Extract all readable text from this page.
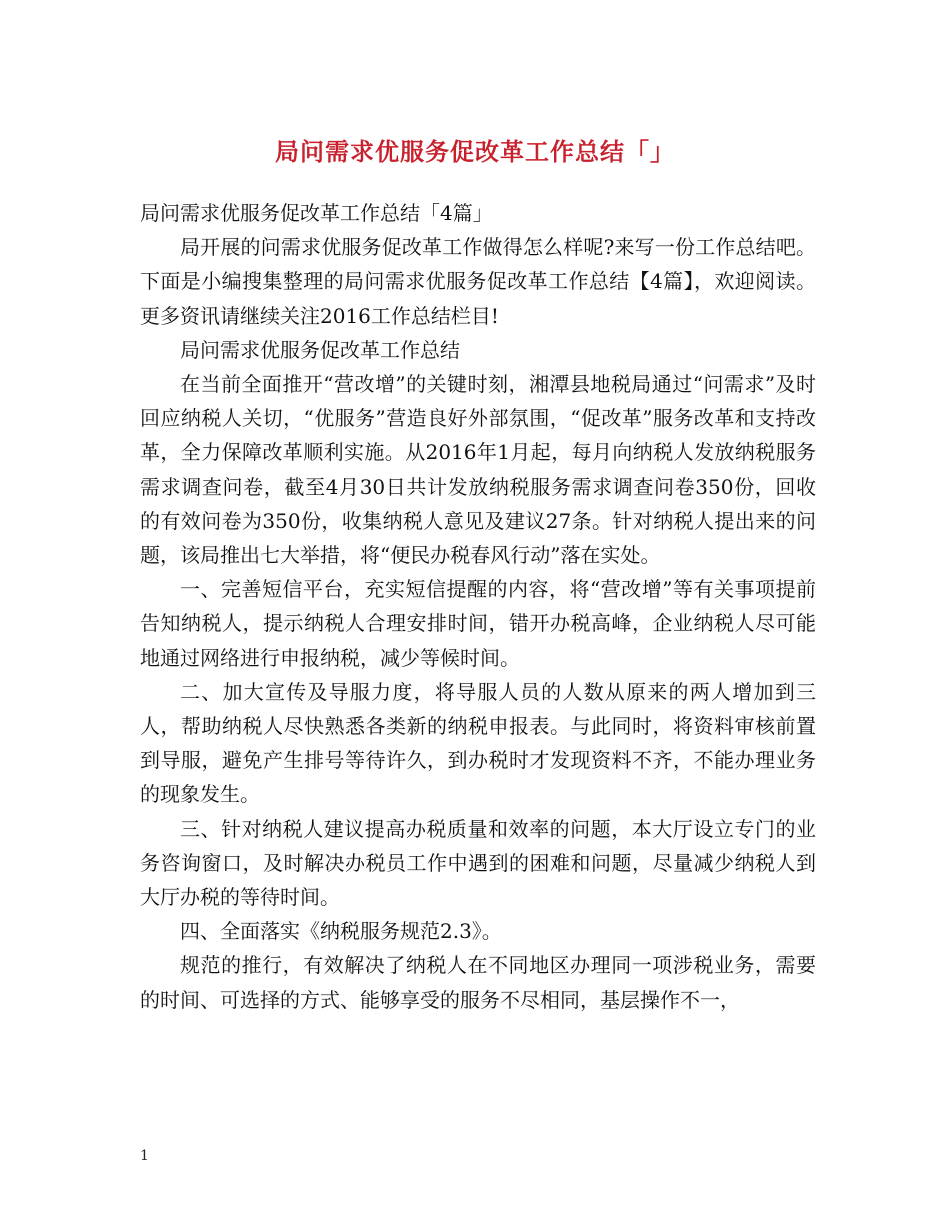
局问需求优服务促改革工作总结「」

局问需求优服务促改革工作总结「4篇」

局开展的问需求优服务促改革工作做得怎么样呢?来写一份工作总结吧。下面是小编搜集整理的局问需求优服务促改革工作总结【4篇】，欢迎阅读。更多资讯请继续关注2016工作总结栏目!

局问需求优服务促改革工作总结

在当前全面推开“营改增”的关键时刻，湘潭县地税局通过“问需求”及时回应纳税人关切，“优服务”营造良好外部氛围，“促改革”服务改革和支持改革，全力保障改革顺利实施。从2016年1月起，每月向纳税人发放纳税服务需求调查问卷，截至4月30日共计发放纳税服务需求调查问卷350份，回收的有效问卷为350份，收集纳税人意见及建议27条。针对纳税人提出来的问题，该局推出七大举措，将“便民办税春风行动”落在实处。

一、完善短信平台，充实短信提醒的内容，将“营改增”等有关事项提前告知纳税人，提示纳税人合理安排时间，错开办税高峰，企业纳税人尽可能地通过网络进行申报纳税，减少等候时间。

二、加大宣传及导服力度，将导服人员的人数从原来的两人增加到三人，帮助纳税人尽快熟悉各类新的纳税申报表。与此同时，将资料审核前置到导服，避免产生排号等待许久，到办税时才发现资料不齐，不能办理业务的现象发生。

三、针对纳税人建议提高办税质量和效率的问题，本大厅设立专门的业务咨询窗口，及时解决办税员工作中遇到的困难和问题，尽量减少纳税人到大厅办税的等待时间。

四、全面落实《纳税服务规范2.3》。

规范的推行，有效解决了纳税人在不同地区办理同一项涉税业务，需要的时间、可选择的方式、能够享受的服务不尽相同，基层操作不一，

1
